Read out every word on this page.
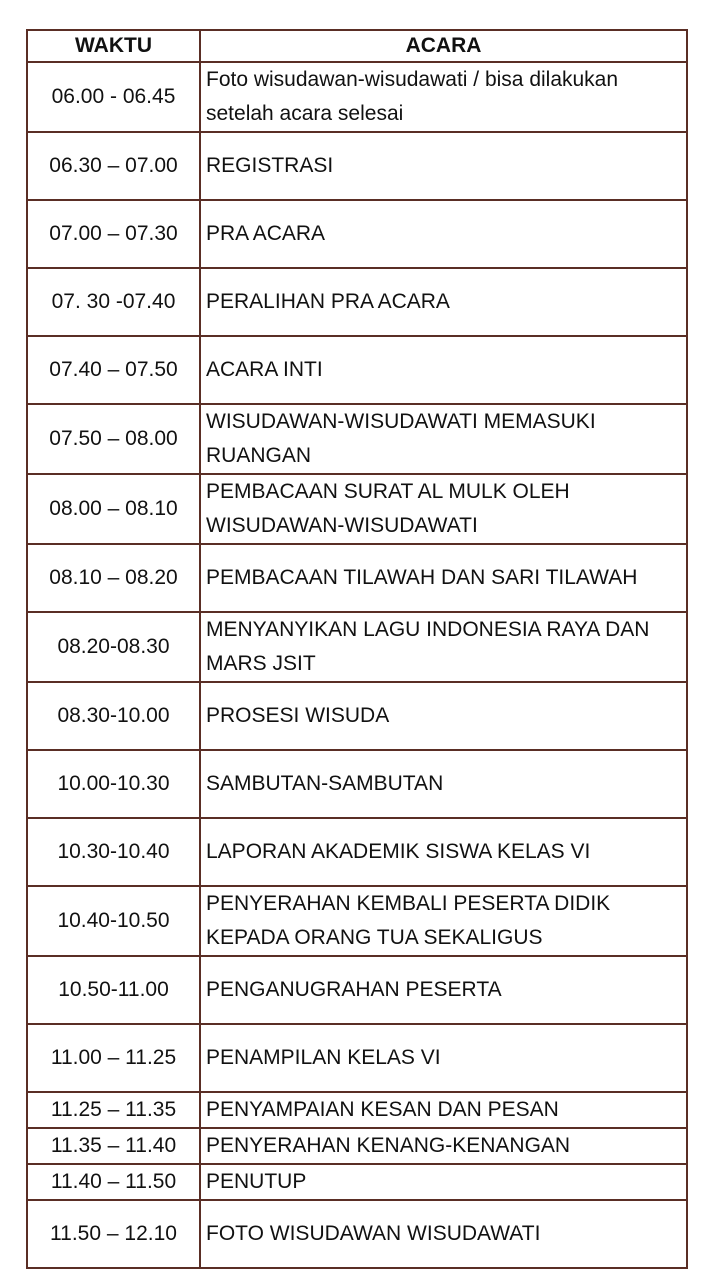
WAKTU	ACARA
06.00 - 06.45	Foto wisudawan-wisudawati / bisa dilakukan setelah acara selesai
06.30 – 07.00	REGISTRASI
07.00 – 07.30	PRA ACARA
07. 30 -07.40	PERALIHAN PRA ACARA
07.40 – 07.50	ACARA INTI
07.50 – 08.00	WISUDAWAN-WISUDAWATI MEMASUKI RUANGAN
08.00 – 08.10	PEMBACAAN SURAT AL MULK OLEH WISUDAWAN-WISUDAWATI
08.10 – 08.20	PEMBACAAN TILAWAH DAN SARI TILAWAH
08.20-08.30	MENYANYIKAN LAGU INDONESIA RAYA DAN MARS JSIT
08.30-10.00	PROSESI WISUDA
10.00-10.30	SAMBUTAN-SAMBUTAN
10.30-10.40	LAPORAN AKADEMIK SISWA KELAS VI
10.40-10.50	PENYERAHAN KEMBALI PESERTA DIDIK KEPADA ORANG TUA SEKALIGUS
10.50-11.00	PENGANUGRAHAN PESERTA
11.00 – 11.25	PENAMPILAN KELAS VI
11.25 – 11.35	PENYAMPAIAN KESAN DAN PESAN
11.35 – 11.40	PENYERAHAN KENANG-KENANGAN
11.40 – 11.50	PENUTUP
11.50 – 12.10	FOTO WISUDAWAN WISUDAWATI
